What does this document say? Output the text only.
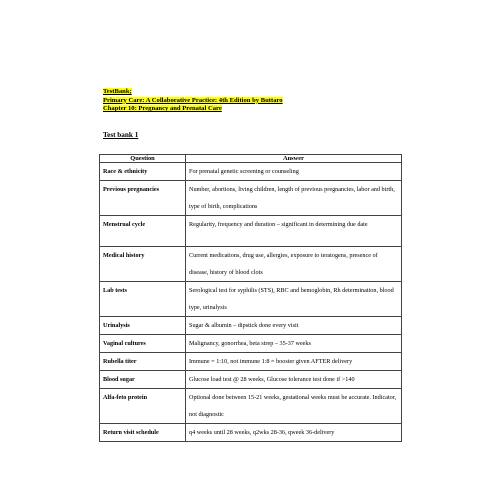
TestBank;
Primary Care: A Collaborative Practice: 4th Edition by Buttaro
Chapter 10: Pregnancy and Prenatal Care
Test bank 1
Question	Answer
Race & ethnicity	For prenatal genetic screening or counseling
Previous pregnancies	Number, abortions, living children, length of previous pregnancies, labor and birth, type of birth, complications
Menstrual cycle	Regularity, frequency and duration – significant in determining due date
Medical history	Current medications, drug use, allergies, exposure to teratogens, presence of disease, history of blood clots
Lab tests	Serological test for syphilis (STS), RBC and hemoglobin, Rh determination, blood type, urinalysis
Urinalysis	Sugar & albumin – dipstick done every visit
Vaginal cultures	Malignancy, gonorrhea, beta strep – 35-37 weeks
Rubella titer	Immune = 1:10, not immune 1:8 = booster given AFTER delivery
Blood sugar	Glucose load test @ 28 weeks, Glucose tolerance test done if >140
Alfa-feto protein	Optional done between 15-21 weeks, gestational weeks must be accurate. Indicator, not diagnostic
Return visit schedule	q4 weeks until 28 weeks, q2wks 28-36, qweek 36-delivery
